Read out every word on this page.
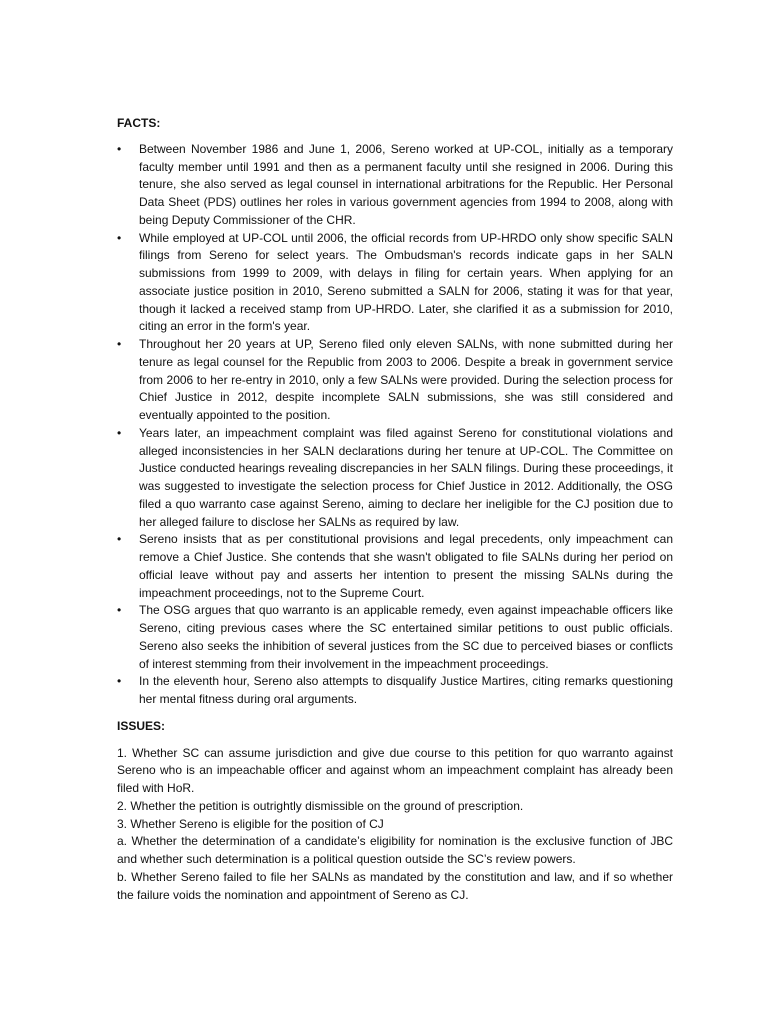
FACTS:
• Between November 1986 and June 1, 2006, Sereno worked at UP-COL, initially as a temporary faculty member until 1991 and then as a permanent faculty until she resigned in 2006. During this tenure, she also served as legal counsel in international arbitrations for the Republic. Her Personal Data Sheet (PDS) outlines her roles in various government agencies from 1994 to 2008, along with being Deputy Commissioner of the CHR.
• While employed at UP-COL until 2006, the official records from UP-HRDO only show specific SALN filings from Sereno for select years. The Ombudsman's records indicate gaps in her SALN submissions from 1999 to 2009, with delays in filing for certain years. When applying for an associate justice position in 2010, Sereno submitted a SALN for 2006, stating it was for that year, though it lacked a received stamp from UP-HRDO. Later, she clarified it as a submission for 2010, citing an error in the form's year.
• Throughout her 20 years at UP, Sereno filed only eleven SALNs, with none submitted during her tenure as legal counsel for the Republic from 2003 to 2006. Despite a break in government service from 2006 to her re-entry in 2010, only a few SALNs were provided. During the selection process for Chief Justice in 2012, despite incomplete SALN submissions, she was still considered and eventually appointed to the position.
• Years later, an impeachment complaint was filed against Sereno for constitutional violations and alleged inconsistencies in her SALN declarations during her tenure at UP-COL. The Committee on Justice conducted hearings revealing discrepancies in her SALN filings. During these proceedings, it was suggested to investigate the selection process for Chief Justice in 2012. Additionally, the OSG filed a quo warranto case against Sereno, aiming to declare her ineligible for the CJ position due to her alleged failure to disclose her SALNs as required by law.
• Sereno insists that as per constitutional provisions and legal precedents, only impeachment can remove a Chief Justice. She contends that she wasn't obligated to file SALNs during her period on official leave without pay and asserts her intention to present the missing SALNs during the impeachment proceedings, not to the Supreme Court.
• The OSG argues that quo warranto is an applicable remedy, even against impeachable officers like Sereno, citing previous cases where the SC entertained similar petitions to oust public officials. Sereno also seeks the inhibition of several justices from the SC due to perceived biases or conflicts of interest stemming from their involvement in the impeachment proceedings.
• In the eleventh hour, Sereno also attempts to disqualify Justice Martires, citing remarks questioning her mental fitness during oral arguments.
ISSUES:

1. Whether SC can assume jurisdiction and give due course to this petition for quo warranto against Sereno who is an impeachable officer and against whom an impeachment complaint has already been filed with HoR.

2. Whether the petition is outrightly dismissible on the ground of prescription.

3. Whether Sereno is eligible for the position of CJ

a. Whether the determination of a candidate’s eligibility for nomination is the exclusive function of JBC and whether such determination is a political question outside the SC’s review powers.

b. Whether Sereno failed to file her SALNs as mandated by the constitution and law, and if so whether the failure voids the nomination and appointment of Sereno as CJ.
